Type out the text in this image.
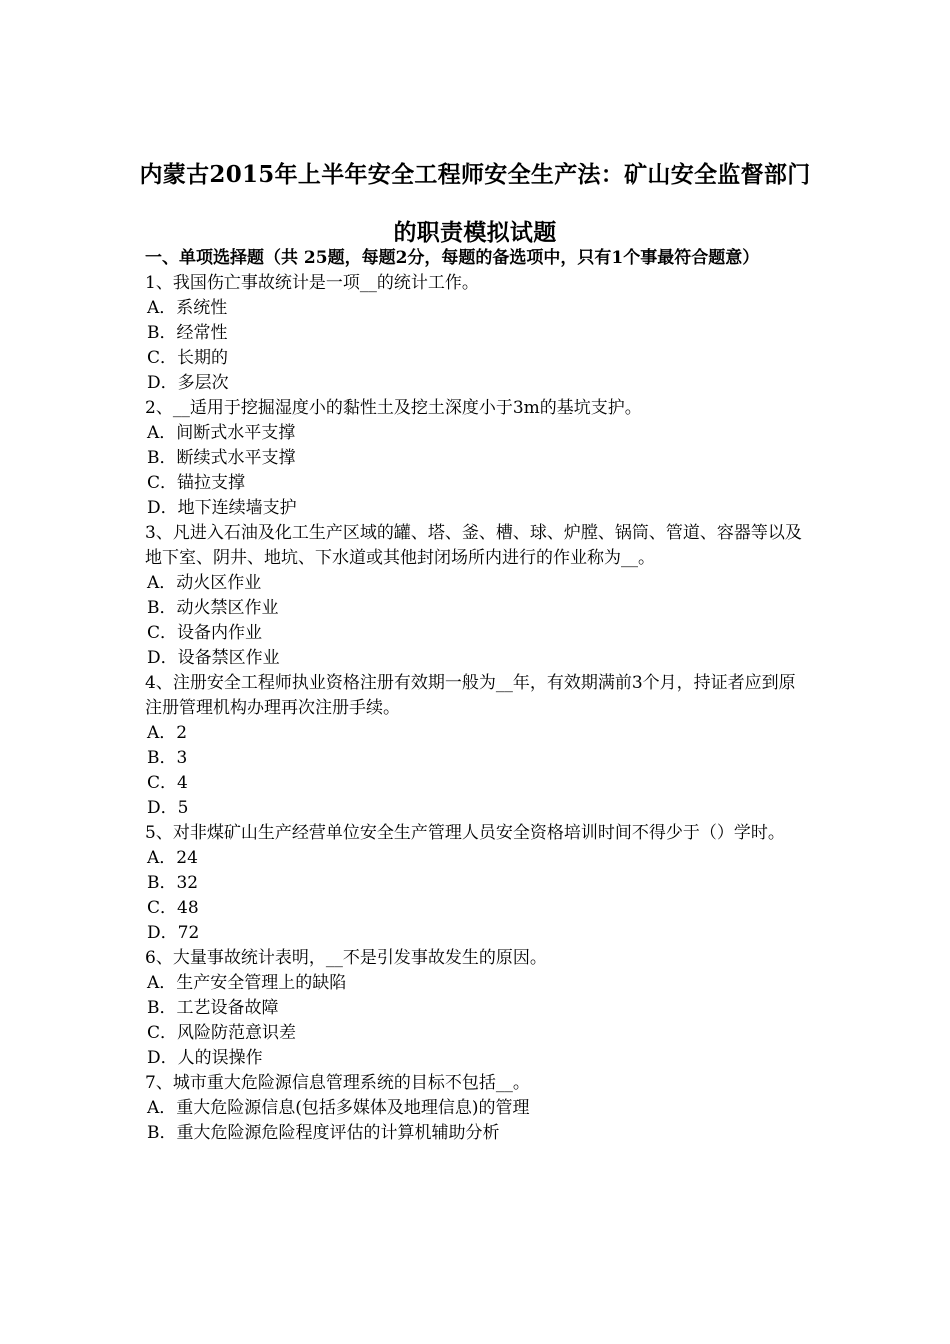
内蒙古2015年上半年安全工程师安全生产法：矿山安全监督部门的职责模拟试题
一、单项选择题（共 25题，每题2分，每题的备选项中，只有1个事最符合题意）
1、我国伤亡事故统计是一项__的统计工作。
A．系统性
B．经常性
C．长期的
D．多层次
2、__适用于挖掘湿度小的黏性土及挖土深度小于3m的基坑支护。
A．间断式水平支撑
B．断续式水平支撑
C．锚拉支撑
D．地下连续墙支护
3、凡进入石油及化工生产区域的罐、塔、釜、槽、球、炉膛、锅筒、管道、容器等以及地下室、阴井、地坑、下水道或其他封闭场所内进行的作业称为__。
A．动火区作业
B．动火禁区作业
C．设备内作业
D．设备禁区作业
4、注册安全工程师执业资格注册有效期一般为__年，有效期满前3个月，持证者应到原注册管理机构办理再次注册手续。
A．2
B．3
C．4
D．5
5、对非煤矿山生产经营单位安全生产管理人员安全资格培训时间不得少于（）学时。
A．24
B．32
C．48
D．72
6、大量事故统计表明，__不是引发事故发生的原因。
A．生产安全管理上的缺陷
B．工艺设备故障
C．风险防范意识差
D．人的误操作
7、城市重大危险源信息管理系统的目标不包括__。
A．重大危险源信息(包括多媒体及地理信息)的管理
B．重大危险源危险程度评估的计算机辅助分析
